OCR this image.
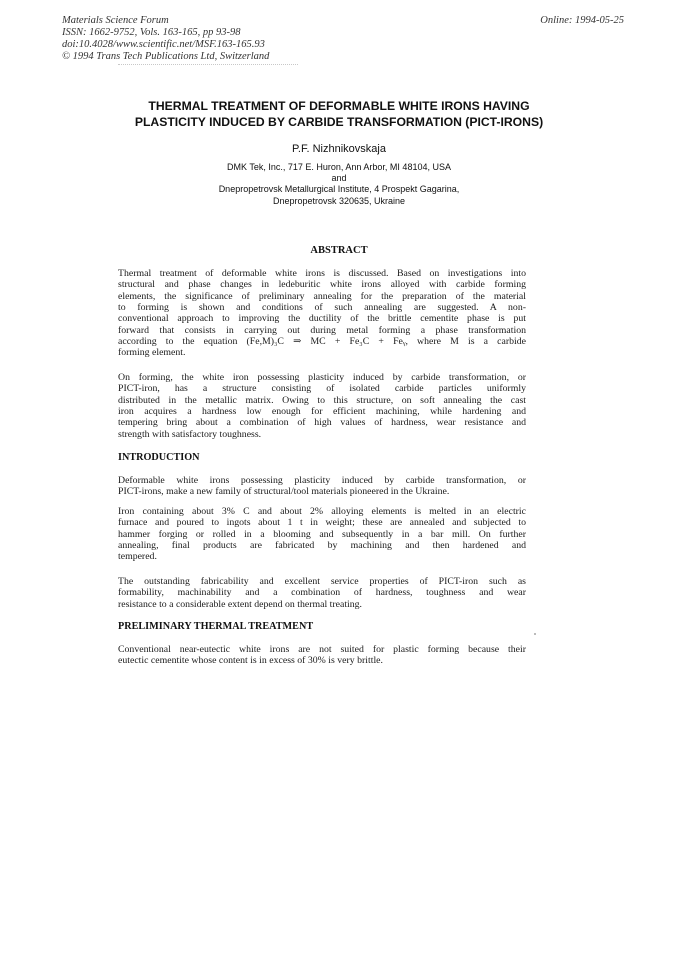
Materials Science Forum
ISSN: 1662-9752, Vols. 163-165, pp 93-98
doi:10.4028/www.scientific.net/MSF.163-165.93
© 1994 Trans Tech Publications Ltd, Switzerland
Online: 1994-05-25
THERMAL TREATMENT OF DEFORMABLE WHITE IRONS HAVING
PLASTICITY INDUCED BY CARBIDE TRANSFORMATION (PICT-IRONS)
P.F. Nizhnikovskaja
DMK Tek, Inc., 717 E. Huron, Ann Arbor, MI 48104, USA
and
Dnepropetrovsk Metallurgical Institute, 4 Prospekt Gagarina,
Dnepropetrovsk 320635, Ukraine
ABSTRACT
Thermal treatment of deformable white irons is discussed. Based on investigations into
structural and phase changes in ledeburitic white irons alloyed with carbide forming
elements, the significance of preliminary annealing for the preparation of the material
to forming is shown and conditions of such annealing are suggested. A non-
conventional approach to improving the ductility of the brittle cementite phase is put
forward that consists in carrying out during metal forming a phase transformation
according to the equation (Fe,M)₃C ⇒ MC + Fe₃C + Feᵧ, where M is a carbide
forming element.
On forming, the white iron possessing plasticity induced by carbide transformation, or
PICT-iron, has a structure consisting of isolated carbide particles uniformly
distributed in the metallic matrix. Owing to this structure, on soft annealing the cast
iron acquires a hardness low enough for efficient machining, while hardening and
tempering bring about a combination of high values of hardness, wear resistance and
strength with satisfactory toughness.
INTRODUCTION
Deformable white irons possessing plasticity induced by carbide transformation, or
PICT-irons, make a new family of structural/tool materials pioneered in the Ukraine.
Iron containing about 3% C and about 2% alloying elements is melted in an electric
furnace and poured to ingots about 1 t in weight; these are annealed and subjected to
hammer forging or rolled in a blooming and subsequently in a bar mill. On further
annealing, final products are fabricated by machining and then hardened and
tempered.
The outstanding fabricability and excellent service properties of PICT-iron such as
formability, machinability and a combination of hardness, toughness and wear
resistance to a considerable extent depend on thermal treating.
PRELIMINARY THERMAL TREATMENT
Conventional near-eutectic white irons are not suited for plastic forming because their
eutectic cementite whose content is in excess of 30% is very brittle.
